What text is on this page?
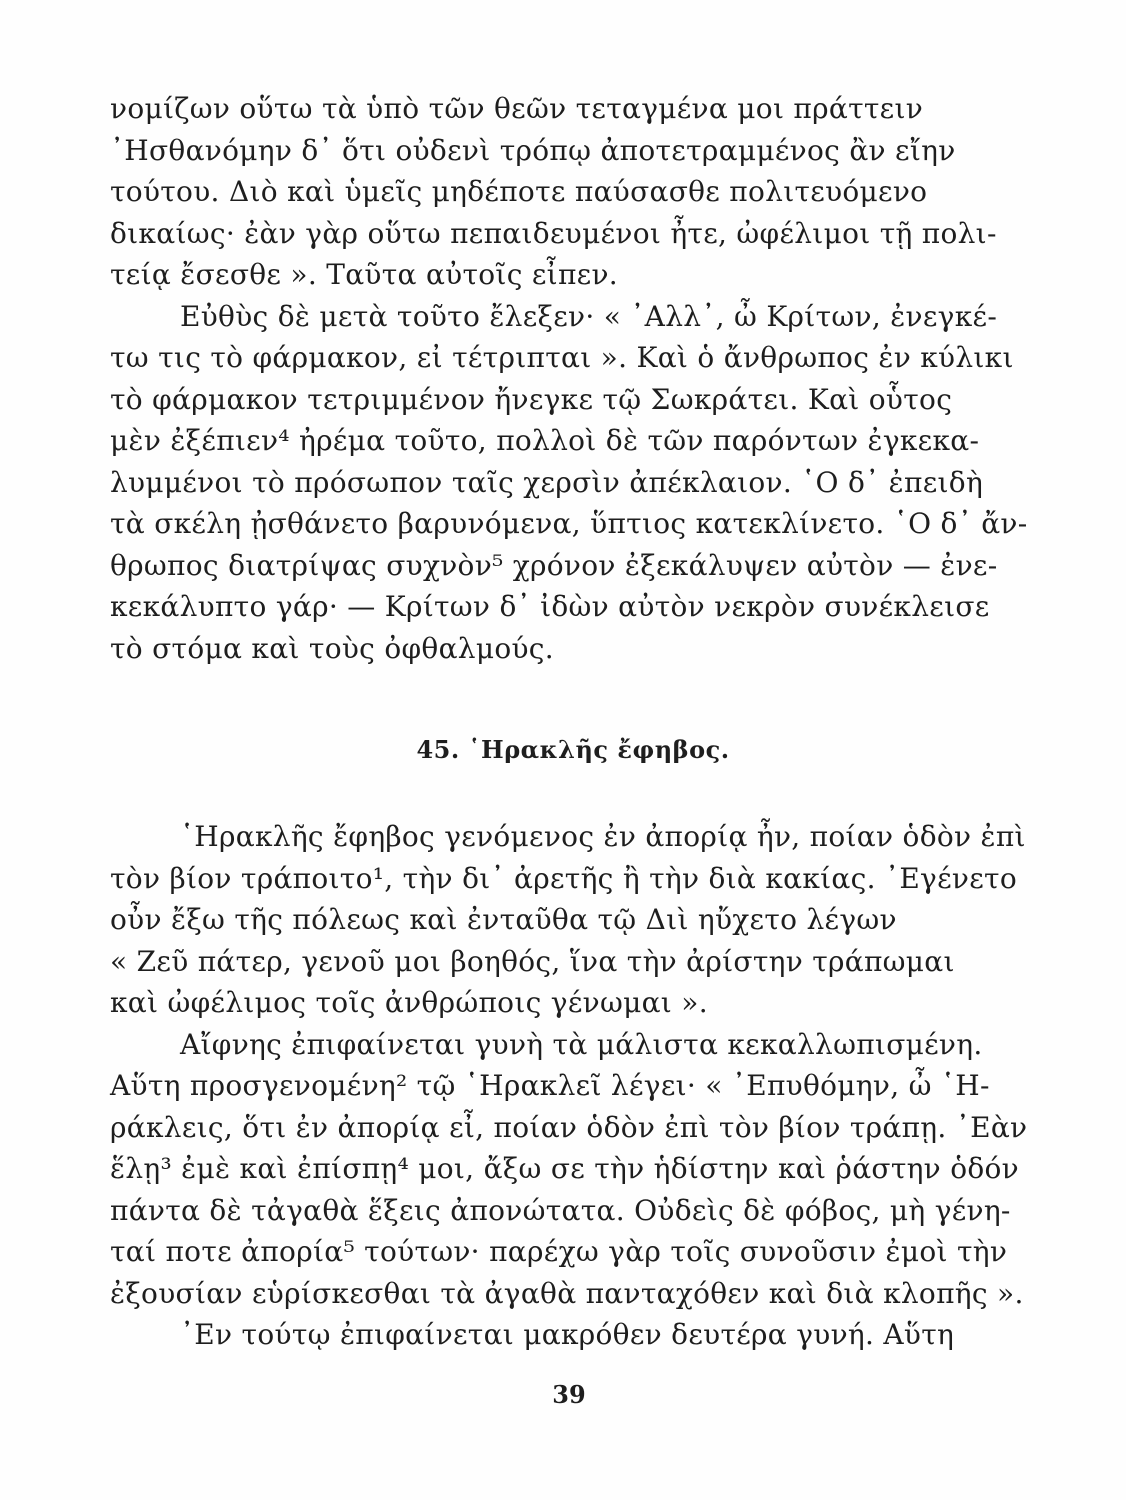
νομίζων οὕτω τὰ ὑπὸ τῶν θεῶν τεταγμένα μοι πράττειν
᾿Ησθανόμην δ᾿ ὅτι οὐδενὶ τρόπῳ ἀποτετραμμένος ἂν εἴην
τούτου. Διὸ καὶ ὑμεῖς μηδέποτε παύσασθε πολιτευόμενο
δικαίως· ἐὰν γὰρ οὕτω πεπαιδευμένοι ἦτε, ὠφέλιμοι τῇ πολι-
τείᾳ ἔσεσθε ». Ταῦτα αὐτοῖς εἶπεν.
Εὐθὺς δὲ μετὰ τοῦτο ἔλεξεν· « ᾿Αλλ᾿, ὦ Κρίτων, ἐνεγκέ-
τω τις τὸ φάρμακον, εἰ τέτριπται ». Καὶ ὁ ἄνθρωπος ἐν κύλικι
τὸ φάρμακον τετριμμένον ἤνεγκε τῷ Σωκράτει. Καὶ οὗτος
μὲν ἐξέπιεν⁴ ἠρέμα τοῦτο, πολλοὶ δὲ τῶν παρόντων ἐγκεκα-
λυμμένοι τὸ πρόσωπον ταῖς χερσὶν ἀπέκλαιον. ῾Ο δ᾿ ἐπειδὴ
τὰ σκέλη ᾐσθάνετο βαρυνόμενα, ὕπτιος κατεκλίνετο. ῾Ο δ᾿ ἄν-
θρωπος διατρίψας συχνὸν⁵ χρόνον ἐξεκάλυψεν αὐτὸν — ἐνε-
κεκάλυπτο γάρ· — Κρίτων δ᾿ ἰδὼν αὐτὸν νεκρὸν συνέκλεισε
τὸ στόμα καὶ τοὺς ὀφθαλμούς.
45. ῾Ηρακλῆς ἔφηβος.
῾Ηρακλῆς ἔφηβος γενόμενος ἐν ἀπορίᾳ ἦν, ποίαν ὁδὸν ἐπὶ
τὸν βίον τράποιτο¹, τὴν δι᾿ ἀρετῆς ἢ τὴν διὰ κακίας. ᾿Εγένετο
οὖν ἔξω τῆς πόλεως καὶ ἐνταῦθα τῷ Διὶ ηὔχετο λέγων
« Ζεῦ πάτερ, γενοῦ μοι βοηθός, ἵνα τὴν ἀρίστην τράπωμαι
καὶ ὠφέλιμος τοῖς ἀνθρώποις γένωμαι ».
Αἴφνης ἐπιφαίνεται γυνὴ τὰ μάλιστα κεκαλλωπισμένη.
Αὕτη προσγενομένη² τῷ ῾Ηρακλεῖ λέγει· « ᾿Επυθόμην, ὦ ῾Η-
ράκλεις, ὅτι ἐν ἀπορίᾳ εἶ, ποίαν ὁδὸν ἐπὶ τὸν βίον τράπῃ. ᾿Εὰν
ἕλῃ³ ἐμὲ καὶ ἐπίσπῃ⁴ μοι, ἄξω σε τὴν ἡδίστην καὶ ῥάστην ὁδόν
πάντα δὲ τἀγαθὰ ἕξεις ἀπονώτατα. Οὐδεὶς δὲ φόβος, μὴ γένη-
ταί ποτε ἀπορία⁵ τούτων· παρέχω γὰρ τοῖς συνοῦσιν ἐμοὶ τὴν
ἐξουσίαν εὑρίσκεσθαι τὰ ἀγαθὰ πανταχόθεν καὶ διὰ κλοπῆς ».
᾿Εν τούτῳ ἐπιφαίνεται μακρόθεν δευτέρα γυνή. Αὕτη
39
